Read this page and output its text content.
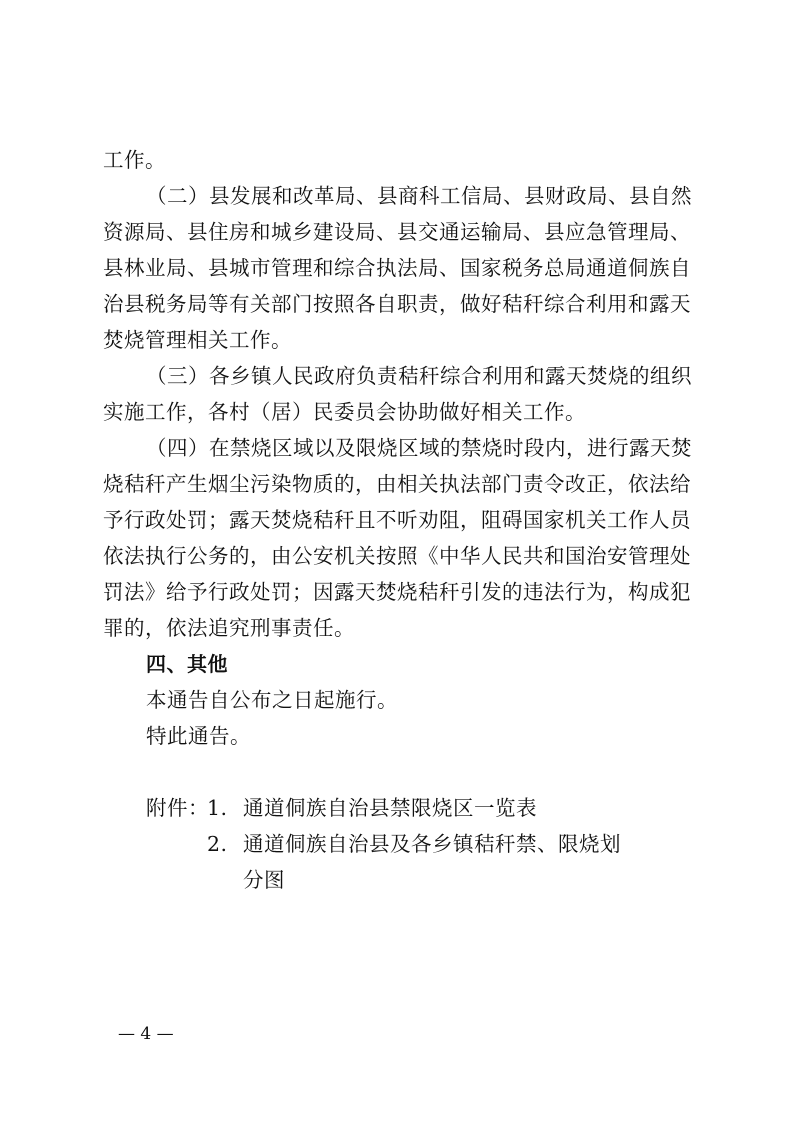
工作。
（二）县发展和改革局、县商科工信局、县财政局、县自然
资源局、县住房和城乡建设局、县交通运输局、县应急管理局、
县林业局、县城市管理和综合执法局、国家税务总局通道侗族自
治县税务局等有关部门按照各自职责，做好秸秆综合利用和露天
焚烧管理相关工作。
（三）各乡镇人民政府负责秸秆综合利用和露天焚烧的组织
实施工作，各村（居）民委员会协助做好相关工作。
（四）在禁烧区域以及限烧区域的禁烧时段内，进行露天焚
烧秸秆产生烟尘污染物质的，由相关执法部门责令改正，依法给
予行政处罚；露天焚烧秸秆且不听劝阻，阻碍国家机关工作人员
依法执行公务的，由公安机关按照《中华人民共和国治安管理处
罚法》给予行政处罚；因露天焚烧秸秆引发的违法行为，构成犯
罪的，依法追究刑事责任。
四、其他
本通告自公布之日起施行。
特此通告。
附件：
1. 通道侗族自治县禁限烧区一览表
2. 通道侗族自治县及各乡镇秸秆禁、限烧划
分图
— 4 —
